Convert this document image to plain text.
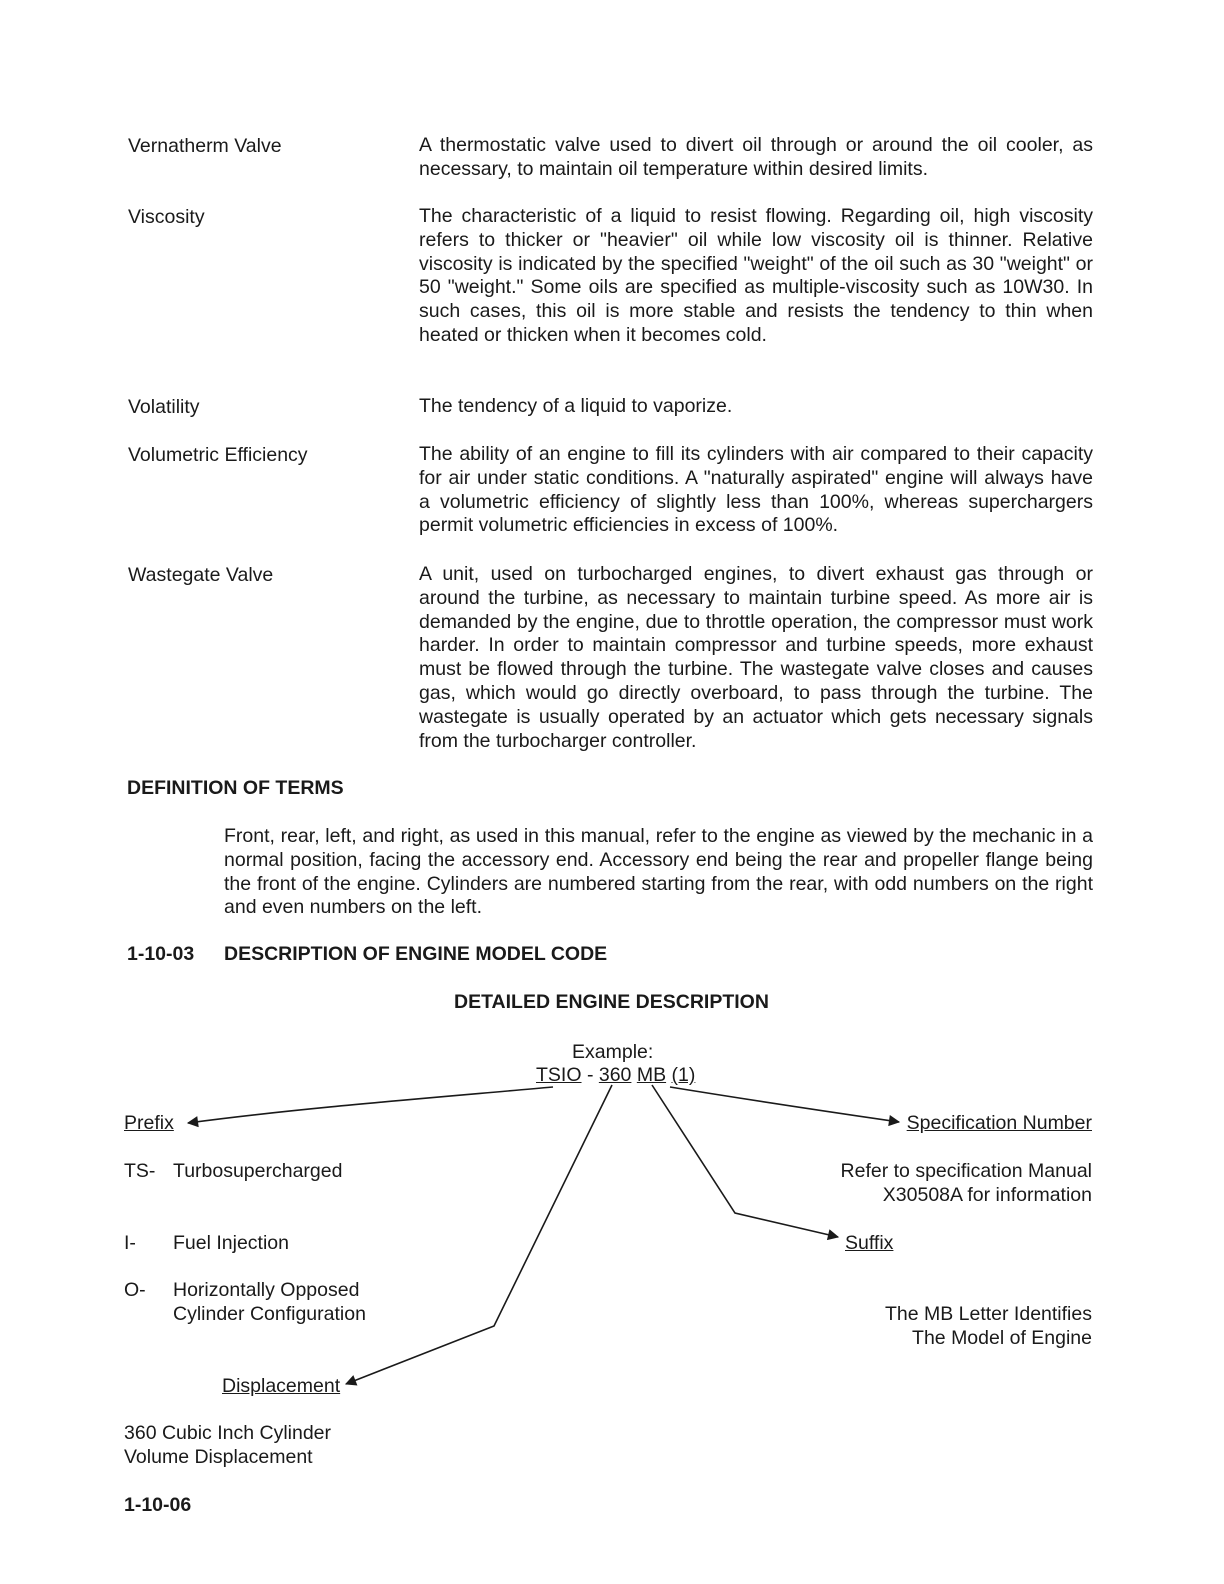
Vernatherm Valve	A thermostatic valve used to divert oil through or around the oil cooler, as necessary, to maintain oil temperature within desired limits.
Viscosity	The characteristic of a liquid to resist flowing. Regarding oil, high viscosity refers to thicker or "heavier" oil while low viscosity oil is thinner. Relative viscosity is indicated by the specified "weight" of the oil such as 30 "weight" or 50 "weight." Some oils are specified as multiple-viscosity such as 10W30. In such cases, this oil is more stable and resists the tendency to thin when heated or thicken when it becomes cold.
Volatility	The tendency of a liquid to vaporize.
Volumetric Efficiency	The ability of an engine to fill its cylinders with air compared to their capacity for air under static conditions. A "naturally aspirated" engine will always have a volumetric efficiency of slightly less than 100%, whereas superchargers permit volumetric efficiencies in excess of 100%.
Wastegate Valve	A unit, used on turbocharged engines, to divert exhaust gas through or around the turbine, as necessary to maintain turbine speed. As more air is demanded by the engine, due to throttle operation, the compressor must work harder. In order to maintain compressor and turbine speeds, more exhaust must be flowed through the turbine. The wastegate valve closes and causes gas, which would go directly overboard, to pass through the turbine. The wastegate is usually operated by an actuator which gets necessary signals from the turbocharger controller.
DEFINITION OF TERMS
Front, rear, left, and right, as used in this manual, refer to the engine as viewed by the mechanic in a normal position, facing the accessory end. Accessory end being the rear and propeller flange being the front of the engine. Cylinders are numbered starting from the rear, with odd numbers on the right and even numbers on the left.
1-10-03 DESCRIPTION OF ENGINE MODEL CODE
DETAILED ENGINE DESCRIPTION
Example:
TSIO - 360 MB (1)
Prefix
TS- Turbosupercharged
I- Fuel Injection
O- Horizontally Opposed
Cylinder Configuration
Displacement
360 Cubic Inch Cylinder
Volume Displacement
Specification Number
Refer to specification Manual
X30508A for information
Suffix
The MB Letter Identifies
The Model of Engine
1-10-06
